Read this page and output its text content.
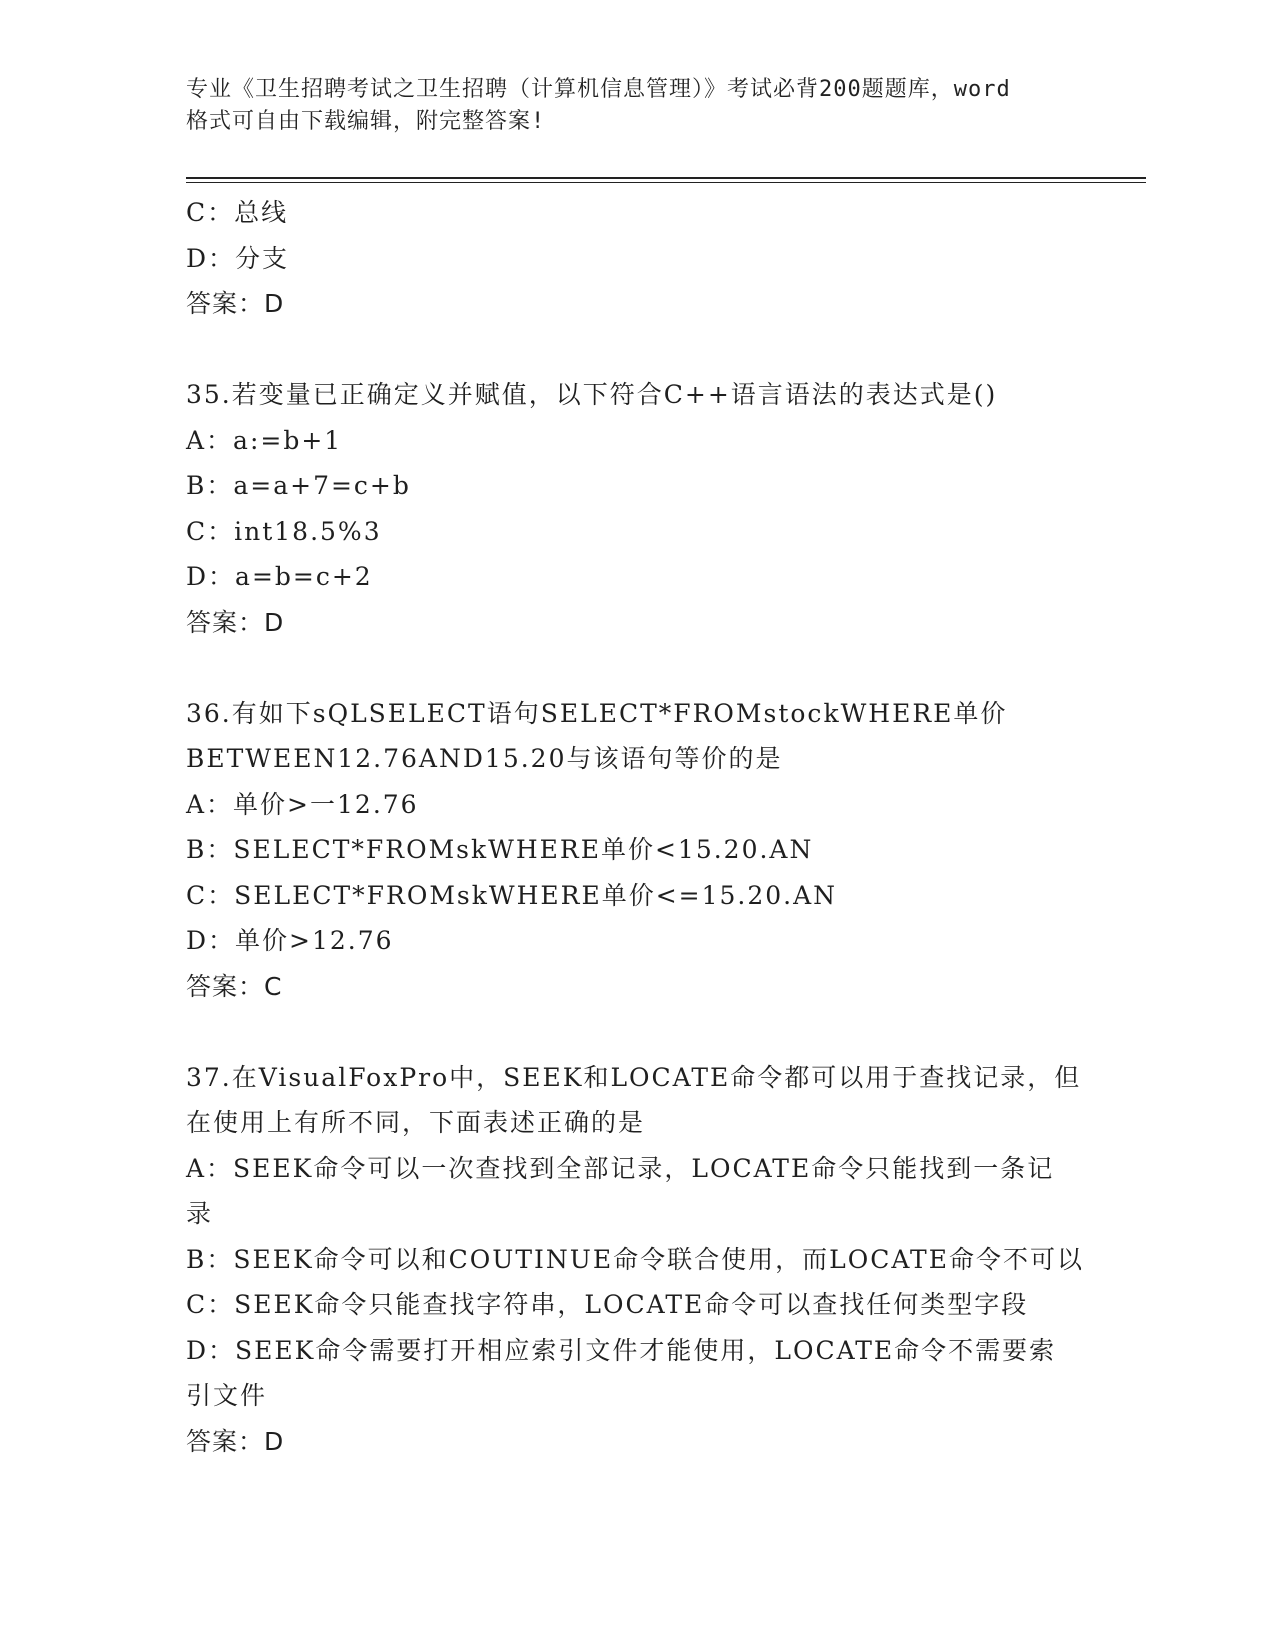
专业《卫生招聘考试之卫生招聘（计算机信息管理）》考试必背200题题库，word
格式可自由下载编辑，附完整答案!
C：总线
D：分支
答案：D
35.若变量已正确定义并赋值，以下符合C++语言语法的表达式是()
A：a:=b+1
B：a=a+7=c+b
C：int18.5%3
D：a=b=c+2
答案：D
36.有如下sQLSELECT语句SELECT*FROMstockWHERE单价
BETWEEN12.76AND15.20与该语句等价的是
A：单价>一12.76
B：SELECT*FROMskWHERE单价<15.20.AN
C：SELECT*FROMskWHERE单价<=15.20.AN
D：单价>12.76
答案：C
37.在VisualFoxPro中，SEEK和LOCATE命令都可以用于查找记录，但
在使用上有所不同，下面表述正确的是
A：SEEK命令可以一次查找到全部记录，LOCATE命令只能找到一条记
录
B：SEEK命令可以和COUTINUE命令联合使用，而LOCATE命令不可以
C：SEEK命令只能查找字符串，LOCATE命令可以查找任何类型字段
D：SEEK命令需要打开相应索引文件才能使用，LOCATE命令不需要索
引文件
答案：D
